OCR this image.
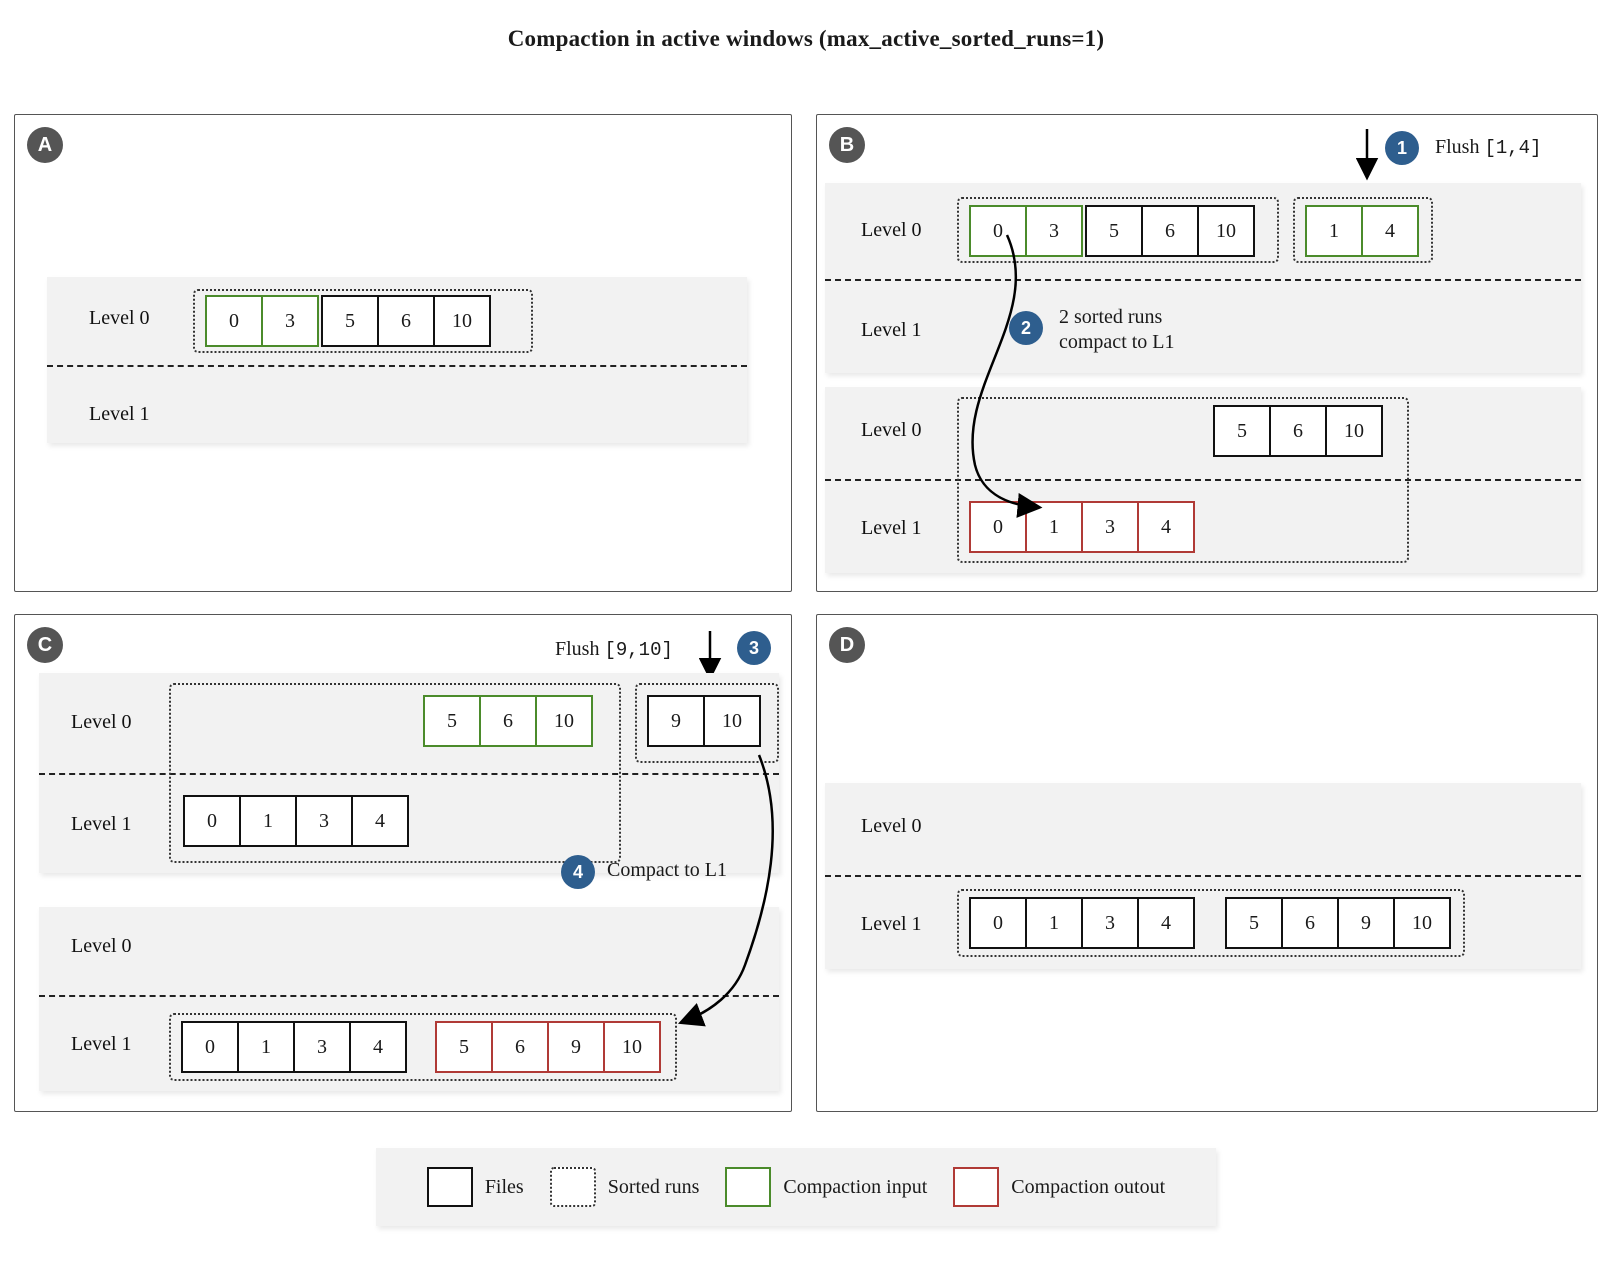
Compaction in active windows (max_active_sorted_runs=1)
A
Level 0
Level 1
0	3	5	6	10
B	1	Flush [1,4]
Level 0
Level 1
0	3	5	6	10	1	4
2	2 sorted runs
compact to L1
Level 0
Level 1
5	6	10
0	1	3	4
C	Flush [9,10]	3
Level 0
Level 1
5	6	10	9	10
0	1	3	4
4	Compact to L1
Level 0
Level 1	0	1	3	4	5	6	9	10
D
Level 0
Level 1	0	1	3	4	5	6	9	10
Files	Sorted runs	Compaction input	Compaction outout
